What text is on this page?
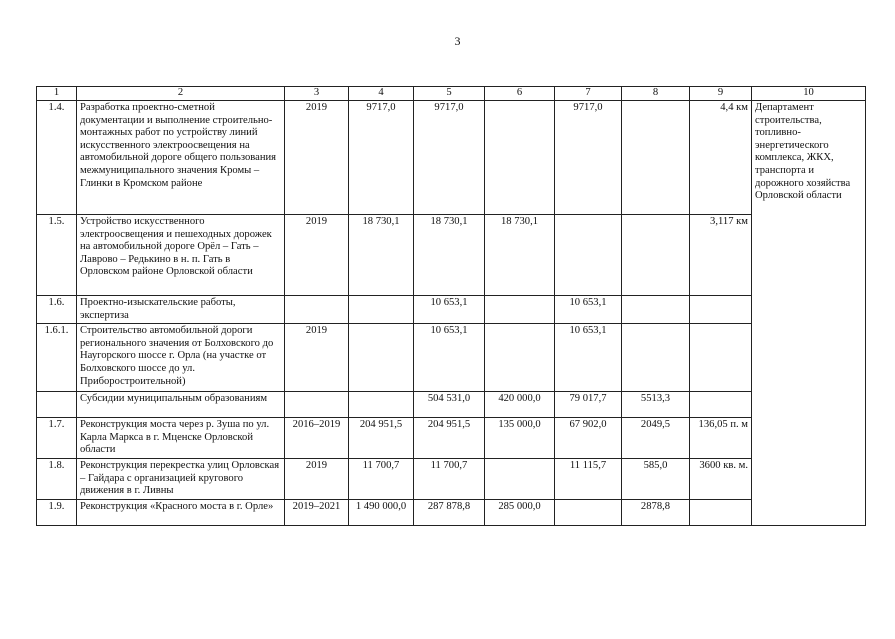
3
1	2	3	4	5	6	7	8	9	10
1.4.	Разработка проектно-сметной документации и выполнение строительно-монтажных работ по устройству линий искусственного электроосвещения на автомобильной дороге общего пользования межмуниципального значения Кромы – Глинки в Кромском районе	2019	9717,0	9717,0		9717,0		4,4 км	Департамент строительства, топливно-энергетического комплекса, ЖКХ, транспорта и дорожного хозяйства Орловской области
1.5.	Устройство искусственного электроосвещения и пешеходных дорожек на автомобильной дороге Орёл – Гать – Лаврово – Редькино в н. п. Гать в Орловском районе Орловской области	2019	18 730,1	18 730,1	18 730,1			3,117 км	
1.6.	Проектно-изыскательские работы, экспертиза			10 653,1		10 653,1			
1.6.1.	Строительство автомобильной дороги регионального значения от Болховского до Наугорского шоссе г. Орла (на участке от Болховского шоссе до ул. Приборостроительной)	2019		10 653,1		10 653,1			
	Субсидии муниципальным образованиям			504 531,0	420 000,0	79 017,7	5513,3		
1.7.	Реконструкция моста через р. Зуша по ул. Карла Маркса в г. Мценске Орловской области	2016–2019	204 951,5	204 951,5	135 000,0	67 902,0	2049,5	136,05 п. м	
1.8.	Реконструкция перекрестка улиц Орловская – Гайдара с организацией кругового движения в г. Ливны	2019	11 700,7	11 700,7		11 115,7	585,0	3600 кв. м.	
1.9.	Реконструкция «Красного моста в г. Орле»	2019–2021	1 490 000,0	287 878,8	285 000,0		2878,8		
